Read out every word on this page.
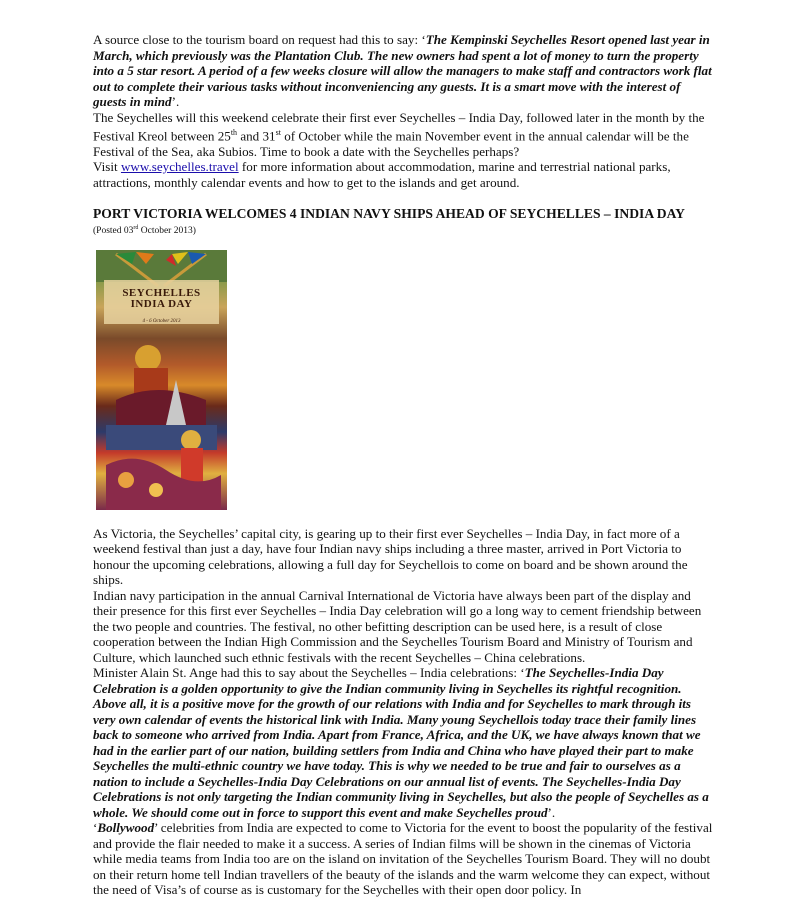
A source close to the tourism board on request had this to say: ‘The Kempinski Seychelles Resort opened last year in March, which previously was the Plantation Club. The new owners had spent a lot of money to turn the property into a 5 star resort. A period of a few weeks closure will allow the managers to make staff and contractors work flat out to complete their various tasks without inconveniencing any guests. It is a smart move with the interest of guests in mind’.

The Seychelles will this weekend celebrate their first ever Seychelles – India Day, followed later in the month by the Festival Kreol between 25th and 31st of October while the main November event in the annual calendar will be the Festival of the Sea, aka Subios. Time to book a date with the Seychelles perhaps?

Visit www.seychelles.travel for more information about accommodation, marine and terrestrial national parks, attractions, monthly calendar events and how to get to the islands and get around.

PORT VICTORIA WELCOMES 4 INDIAN NAVY SHIPS AHEAD OF SEYCHELLES – INDIA DAY

(Posted 03rd October 2013)

SEYCHELLES
INDIA DAY
4 - 6 October 2013

As Victoria, the Seychelles’ capital city, is gearing up to their first ever Seychelles – India Day, in fact more of a weekend festival than just a day, have four Indian navy ships including a three master, arrived in Port Victoria to honour the upcoming celebrations, allowing a full day for Seychellois to come on board and be shown around the ships.

Indian navy participation in the annual Carnival International de Victoria have always been part of the display and their presence for this first ever Seychelles – India Day celebration will go a long way to cement friendship between the two people and countries. The festival, no other befitting description can be used here, is a result of close cooperation between the Indian High Commission and the Seychelles Tourism Board and Ministry of Tourism and Culture, which launched such ethnic festivals with the recent Seychelles – China celebrations.

Minister Alain St. Ange had this to say about the Seychelles – India celebrations: ‘The Seychelles-India Day Celebration is a golden opportunity to give the Indian community living in Seychelles its rightful recognition. Above all, it is a positive move for the growth of our relations with India and for Seychelles to mark through its very own calendar of events the historical link with India. Many young Seychellois today trace their family lines back to someone who arrived from India. Apart from France, Africa, and the UK, we have always known that we had in the earlier part of our nation, building settlers from India and China who have played their part to make Seychelles the multi-ethnic country we have today. This is why we needed to be true and fair to ourselves as a nation to include a Seychelles-India Day Celebrations on our annual list of events. The Seychelles-India Day Celebrations is not only targeting the Indian community living in Seychelles, but also the people of Seychelles as a whole. We should come out in force to support this event and make Seychelles proud’.

‘Bollywood’ celebrities from India are expected to come to Victoria for the event to boost the popularity of the festival and provide the flair needed to make it a success. A series of Indian films will be shown in the cinemas of Victoria while media teams from India too are on the island on invitation of the Seychelles Tourism Board. They will no doubt on their return home tell Indian travellers of the beauty of the islands and the warm welcome they can expect, without the need of Visa’s of course as is customary for the Seychelles with their open door policy. In
